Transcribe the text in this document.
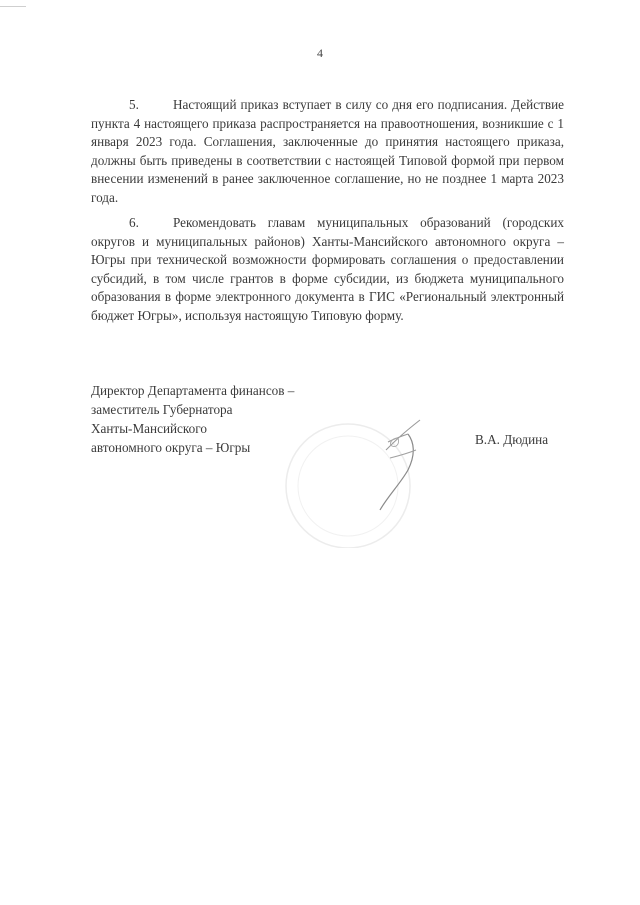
4

5.	Настоящий приказ вступает в силу со дня его подписания. Действие пункта 4 настоящего приказа распространяется на правоотношения, возникшие с 1 января 2023 года. Соглашения, заключенные до принятия настоящего приказа, должны быть приведены в соответствии с настоящей Типовой формой при первом внесении изменений в ранее заключенное соглашение, но не позднее 1 марта 2023 года.

6.	Рекомендовать главам муниципальных образований (городских округов и муниципальных районов) Ханты-Мансийского автономного округа – Югры при технической возможности формировать соглашения о предоставлении субсидий, в том числе грантов в форме субсидии, из бюджета муниципального образования в форме электронного документа в ГИС «Региональный электронный бюджет Югры», используя настоящую Типовую форму.

Директор Департамента финансов –
заместитель Губернатора
Ханты-Мансийского
автономного округа – Югры
В.А. Дюдина
